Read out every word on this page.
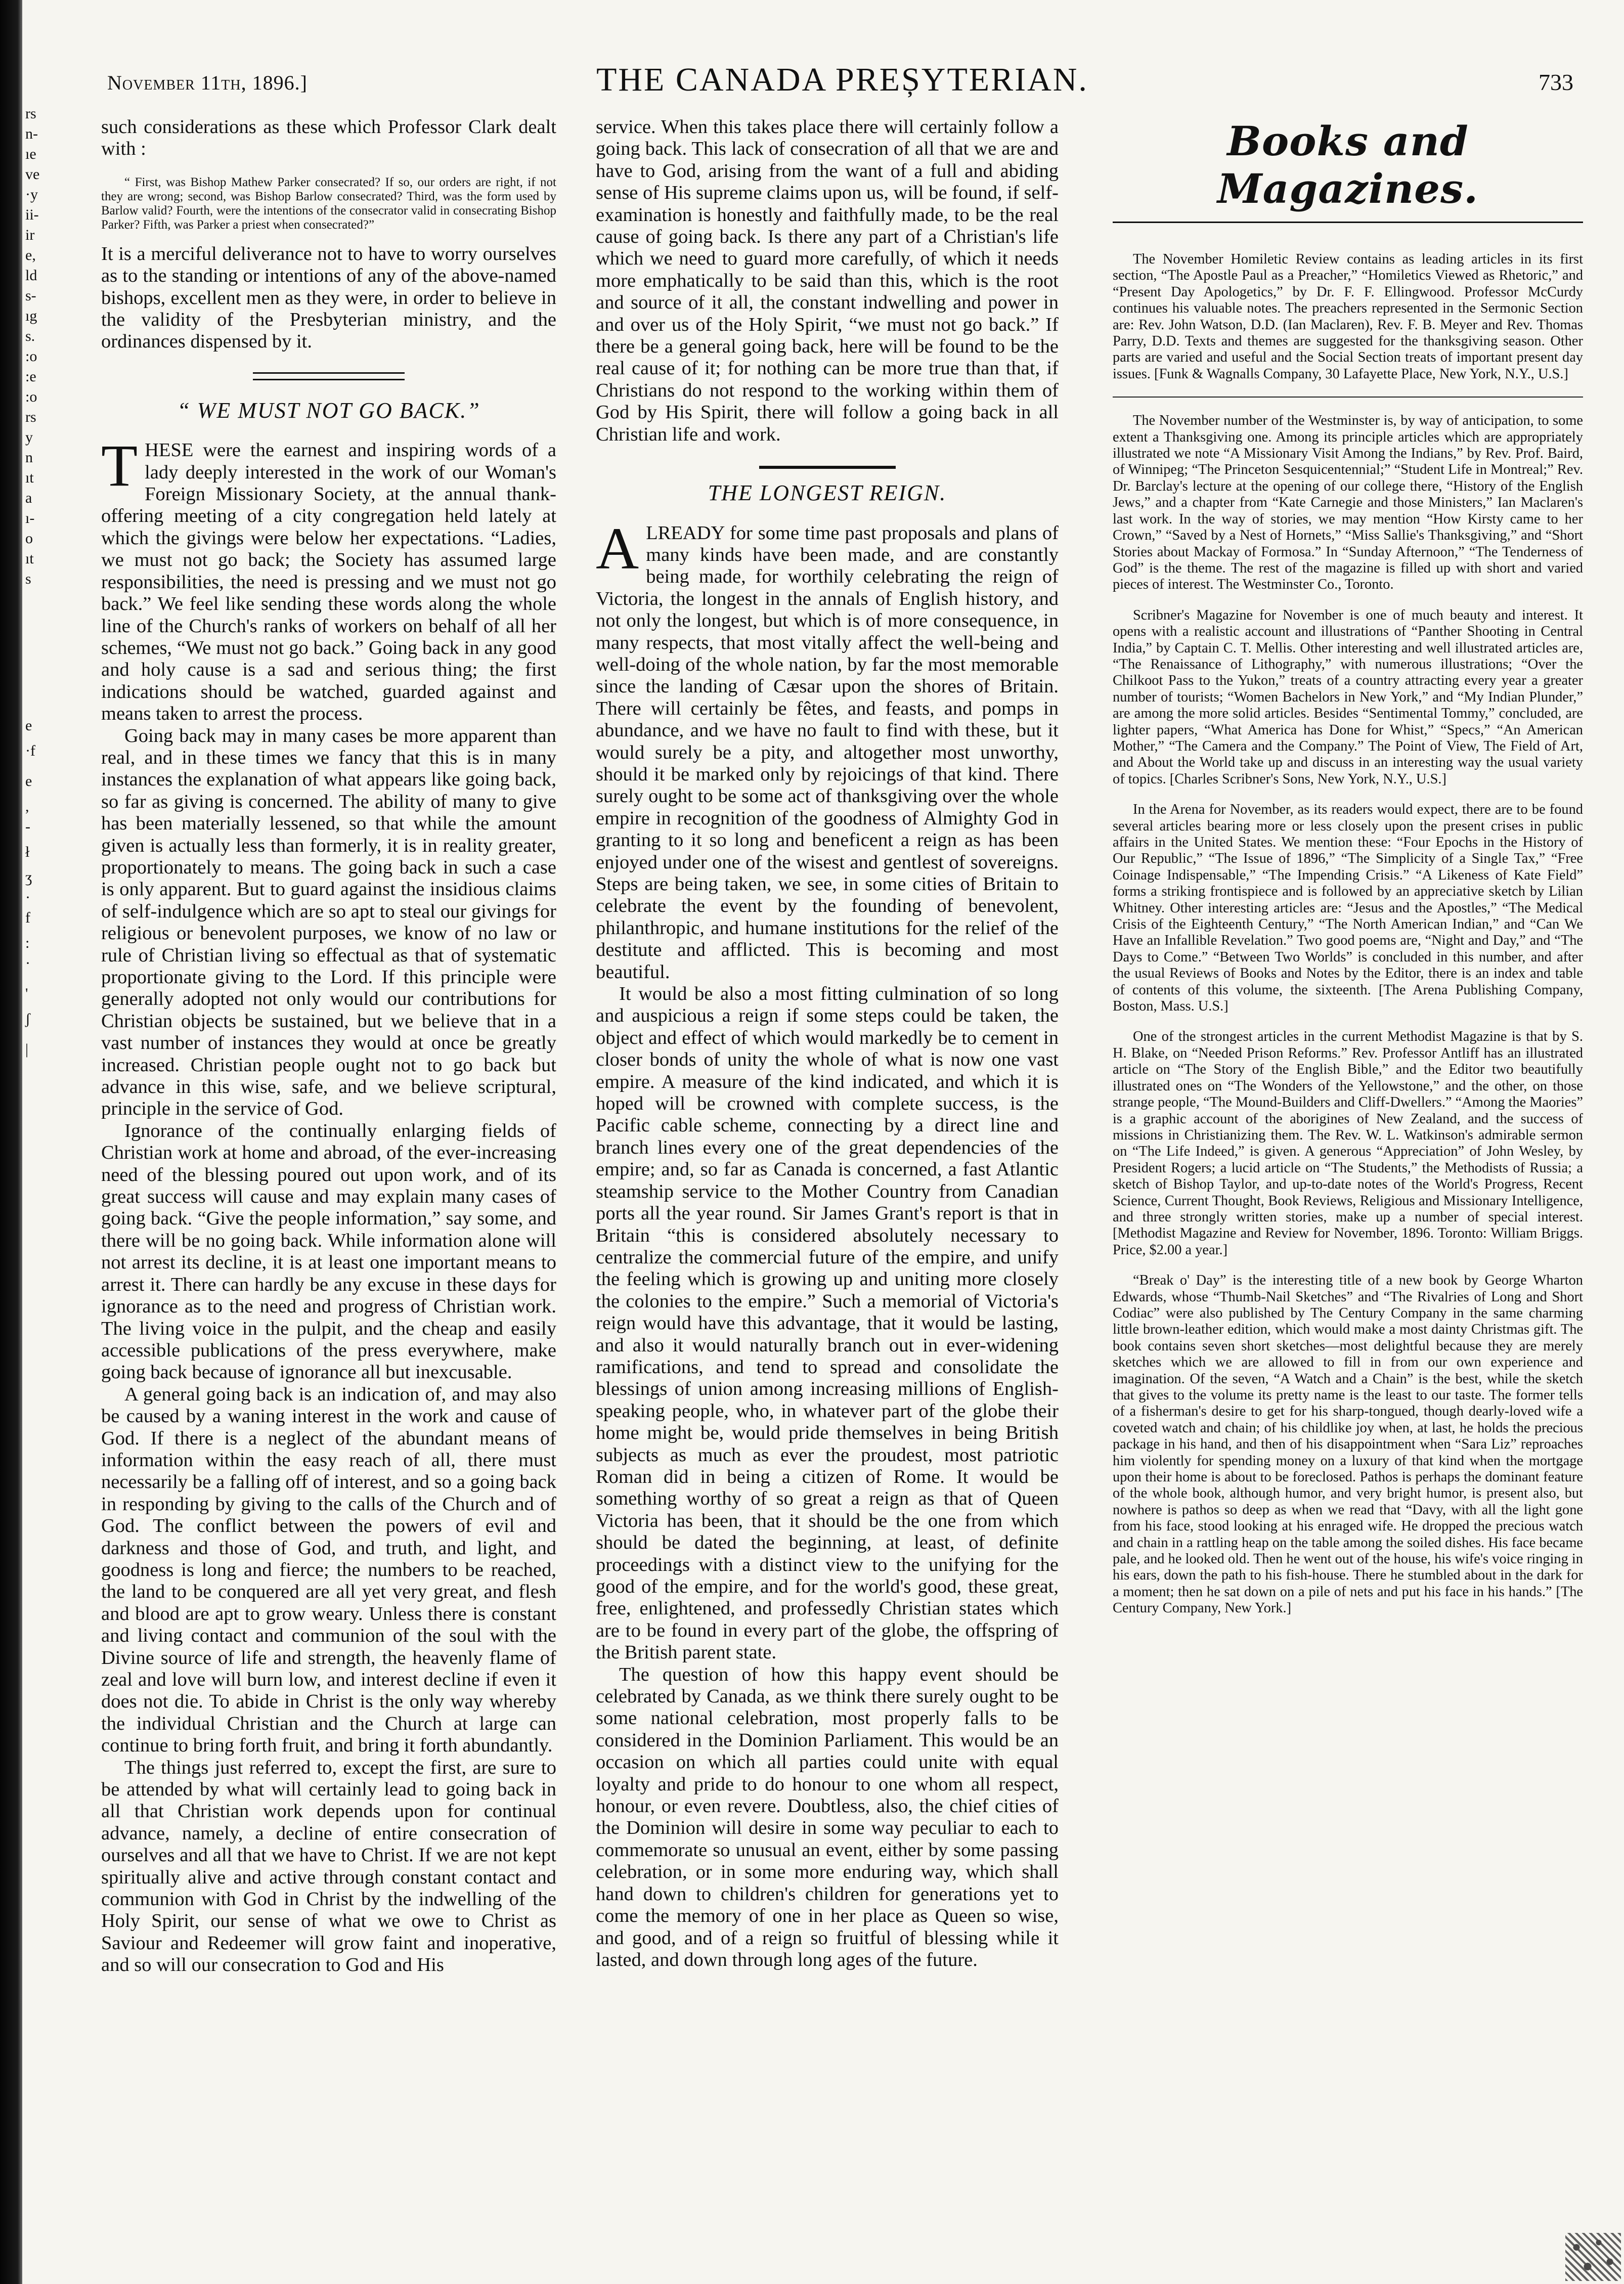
rs
n-
ıe
ve
·y
ii-
ir
e,
ld
s-
ıg
s.
:o
:e
:o
rs
y
n
ıt
a
ı-
o
ıt
s
e
·f
e
,
-
ł
ʒ
·
f
:
·
'
ʃ
|
November 11th, 1896.]	THE CANADA PREȘYTERIAN.	733

such considerations as these which Professor Clark dealt with :

“ First, was Bishop Mathew Parker consecrated? If so, our orders are right, if not they are wrong; second, was Bishop Barlow consecrated? Third, was the form used by Barlow valid? Fourth, were the intentions of the consecrator valid in consecrating Bishop Parker? Fifth, was Parker a priest when consecrated?”

It is a merciful deliverance not to have to worry ourselves as to the standing or intentions of any of the above-named bishops, excellent men as they were, in order to believe in the validity of the Presbyterian ministry, and the ordinances dispensed by it.

“ WE MUST NOT GO BACK.”

THESE were the earnest and inspiring words of a lady deeply interested in the work of our Woman's Foreign Missionary Society, at the annual thank-offering meeting of a city congregation held lately at which the givings were below her expectations. “Ladies, we must not go back; the Society has assumed large responsibilities, the need is pressing and we must not go back.” We feel like sending these words along the whole line of the Church's ranks of workers on behalf of all her schemes, “We must not go back.” Going back in any good and holy cause is a sad and serious thing; the first indications should be watched, guarded against and means taken to arrest the process.

Going back may in many cases be more apparent than real, and in these times we fancy that this is in many instances the explanation of what appears like going back, so far as giving is concerned. The ability of many to give has been materially lessened, so that while the amount given is actually less than formerly, it is in reality greater, proportionately to means. The going back in such a case is only apparent. But to guard against the insidious claims of self-indulgence which are so apt to steal our givings for religious or benevolent purposes, we know of no law or rule of Christian living so effectual as that of systematic proportionate giving to the Lord. If this principle were generally adopted not only would our contributions for Christian objects be sustained, but we believe that in a vast number of instances they would at once be greatly increased. Christian people ought not to go back but advance in this wise, safe, and we believe scriptural, principle in the service of God.

Ignorance of the continually enlarging fields of Christian work at home and abroad, of the ever-increasing need of the blessing poured out upon work, and of its great success will cause and may explain many cases of going back. “Give the people information,” say some, and there will be no going back. While information alone will not arrest its decline, it is at least one important means to arrest it. There can hardly be any excuse in these days for ignorance as to the need and progress of Christian work. The living voice in the pulpit, and the cheap and easily accessible publications of the press everywhere, make going back because of ignorance all but inexcusable.

A general going back is an indication of, and may also be caused by a waning interest in the work and cause of God. If there is a neglect of the abundant means of information within the easy reach of all, there must necessarily be a falling off of interest, and so a going back in responding by giving to the calls of the Church and of God. The conflict between the powers of evil and darkness and those of God, and truth, and light, and goodness is long and fierce; the numbers to be reached, the land to be conquered are all yet very great, and flesh and blood are apt to grow weary. Unless there is constant and living contact and communion of the soul with the Divine source of life and strength, the heavenly flame of zeal and love will burn low, and interest decline if even it does not die. To abide in Christ is the only way whereby the individual Christian and the Church at large can continue to bring forth fruit, and bring it forth abundantly.

The things just referred to, except the first, are sure to be attended by what will certainly lead to going back in all that Christian work depends upon for continual advance, namely, a decline of entire consecration of ourselves and all that we have to Christ. If we are not kept spiritually alive and active through constant contact and communion with God in Christ by the indwelling of the Holy Spirit, our sense of what we owe to Christ as Saviour and Redeemer will grow faint and inoperative, and so will our consecration to God and His

service. When this takes place there will certainly follow a going back. This lack of consecration of all that we are and have to God, arising from the want of a full and abiding sense of His supreme claims upon us, will be found, if self-examination is honestly and faithfully made, to be the real cause of going back. Is there any part of a Christian's life which we need to guard more carefully, of which it needs more emphatically to be said than this, which is the root and source of it all, the constant indwelling and power in and over us of the Holy Spirit, “we must not go back.” If there be a general going back, here will be found to be the real cause of it; for nothing can be more true than that, if Christians do not respond to the working within them of God by His Spirit, there will follow a going back in all Christian life and work.

THE LONGEST REIGN.

ALREADY for some time past proposals and plans of many kinds have been made, and are constantly being made, for worthily celebrating the reign of Victoria, the longest in the annals of English history, and not only the longest, but which is of more consequence, in many respects, that most vitally affect the well-being and well-doing of the whole nation, by far the most memorable since the landing of Cæsar upon the shores of Britain. There will certainly be fêtes, and feasts, and pomps in abundance, and we have no fault to find with these, but it would surely be a pity, and altogether most unworthy, should it be marked only by rejoicings of that kind. There surely ought to be some act of thanksgiving over the whole empire in recognition of the goodness of Almighty God in granting to it so long and beneficent a reign as has been enjoyed under one of the wisest and gentlest of sovereigns. Steps are being taken, we see, in some cities of Britain to celebrate the event by the founding of benevolent, philanthropic, and humane institutions for the relief of the destitute and afflicted. This is becoming and most beautiful.

It would be also a most fitting culmination of so long and auspicious a reign if some steps could be taken, the object and effect of which would markedly be to cement in closer bonds of unity the whole of what is now one vast empire. A measure of the kind indicated, and which it is hoped will be crowned with complete success, is the Pacific cable scheme, connecting by a direct line and branch lines every one of the great dependencies of the empire; and, so far as Canada is concerned, a fast Atlantic steamship service to the Mother Country from Canadian ports all the year round. Sir James Grant's report is that in Britain “this is considered absolutely necessary to centralize the commercial future of the empire, and unify the feeling which is growing up and uniting more closely the colonies to the empire.” Such a memorial of Victoria's reign would have this advantage, that it would be lasting, and also it would naturally branch out in ever-widening ramifications, and tend to spread and consolidate the blessings of union among increasing millions of English-speaking people, who, in whatever part of the globe their home might be, would pride themselves in being British subjects as much as ever the proudest, most patriotic Roman did in being a citizen of Rome. It would be something worthy of so great a reign as that of Queen Victoria has been, that it should be the one from which should be dated the beginning, at least, of definite proceedings with a distinct view to the unifying for the good of the empire, and for the world's good, these great, free, enlightened, and professedly Christian states which are to be found in every part of the globe, the offspring of the British parent state.

The question of how this happy event should be celebrated by Canada, as we think there surely ought to be some national celebration, most properly falls to be considered in the Dominion Parliament. This would be an occasion on which all parties could unite with equal loyalty and pride to do honour to one whom all respect, honour, or even revere. Doubtless, also, the chief cities of the Dominion will desire in some way peculiar to each to commemorate so unusual an event, either by some passing celebration, or in some more enduring way, which shall hand down to children's children for generations yet to come the memory of one in her place as Queen so wise, and good, and of a reign so fruitful of blessing while it lasted, and down through long ages of the future.

Books and Magazines.

The November Homiletic Review contains as leading articles in its first section, “The Apostle Paul as a Preacher,” “Homiletics Viewed as Rhetoric,” and “Present Day Apologetics,” by Dr. F. F. Ellingwood. Professor McCurdy continues his valuable notes. The preachers represented in the Sermonic Section are: Rev. John Watson, D.D. (Ian Maclaren), Rev. F. B. Meyer and Rev. Thomas Parry, D.D. Texts and themes are suggested for the thanksgiving season. Other parts are varied and useful and the Social Section treats of important present day issues. [Funk & Wagnalls Company, 30 Lafayette Place, New York, N.Y., U.S.]

The November number of the Westminster is, by way of anticipation, to some extent a Thanksgiving one. Among its principle articles which are appropriately illustrated we note “A Missionary Visit Among the Indians,” by Rev. Prof. Baird, of Winnipeg; “The Princeton Sesquicentennial;” “Student Life in Montreal;” Rev. Dr. Barclay's lecture at the opening of our college there, “History of the English Jews,” and a chapter from “Kate Carnegie and those Ministers,” Ian Maclaren's last work. In the way of stories, we may mention “How Kirsty came to her Crown,” “Saved by a Nest of Hornets,” “Miss Sallie's Thanksgiving,” and “Short Stories about Mackay of Formosa.” In “Sunday Afternoon,” “The Tenderness of God” is the theme. The rest of the magazine is filled up with short and varied pieces of interest. The Westminster Co., Toronto.

Scribner's Magazine for November is one of much beauty and interest. It opens with a realistic account and illustrations of “Panther Shooting in Central India,” by Captain C. T. Mellis. Other interesting and well illustrated articles are, “The Renaissance of Lithography,” with numerous illustrations; “Over the Chilkoot Pass to the Yukon,” treats of a country attracting every year a greater number of tourists; “Women Bachelors in New York,” and “My Indian Plunder,” are among the more solid articles. Besides “Sentimental Tommy,” concluded, are lighter papers, “What America has Done for Whist,” “Specs,” “An American Mother,” “The Camera and the Company.” The Point of View, The Field of Art, and About the World take up and discuss in an interesting way the usual variety of topics. [Charles Scribner's Sons, New York, N.Y., U.S.]

In the Arena for November, as its readers would expect, there are to be found several articles bearing more or less closely upon the present crises in public affairs in the United States. We mention these: “Four Epochs in the History of Our Republic,” “The Issue of 1896,” “The Simplicity of a Single Tax,” “Free Coinage Indispensable,” “The Impending Crisis.” “A Likeness of Kate Field” forms a striking frontispiece and is followed by an appreciative sketch by Lilian Whitney. Other interesting articles are: “Jesus and the Apostles,” “The Medical Crisis of the Eighteenth Century,” “The North American Indian,” and “Can We Have an Infallible Revelation.” Two good poems are, “Night and Day,” and “The Days to Come.” “Between Two Worlds” is concluded in this number, and after the usual Reviews of Books and Notes by the Editor, there is an index and table of contents of this volume, the sixteenth. [The Arena Publishing Company, Boston, Mass. U.S.]

One of the strongest articles in the current Methodist Magazine is that by S. H. Blake, on “Needed Prison Reforms.” Rev. Professor Antliff has an illustrated article on “The Story of the English Bible,” and the Editor two beautifully illustrated ones on “The Wonders of the Yellowstone,” and the other, on those strange people, “The Mound-Builders and Cliff-Dwellers.” “Among the Maories” is a graphic account of the aborigines of New Zealand, and the success of missions in Christianizing them. The Rev. W. L. Watkinson's admirable sermon on “The Life Indeed,” is given. A generous “Appreciation” of John Wesley, by President Rogers; a lucid article on “The Students,” the Methodists of Russia; a sketch of Bishop Taylor, and up-to-date notes of the World's Progress, Recent Science, Current Thought, Book Reviews, Religious and Missionary Intelligence, and three strongly written stories, make up a number of special interest. [Methodist Magazine and Review for November, 1896. Toronto: William Briggs. Price, $2.00 a year.]

“Break o' Day” is the interesting title of a new book by George Wharton Edwards, whose “Thumb-Nail Sketches” and “The Rivalries of Long and Short Codiac” were also published by The Century Company in the same charming little brown-leather edition, which would make a most dainty Christmas gift. The book contains seven short sketches—most delightful because they are merely sketches which we are allowed to fill in from our own experience and imagination. Of the seven, “A Watch and a Chain” is the best, while the sketch that gives to the volume its pretty name is the least to our taste. The former tells of a fisherman's desire to get for his sharp-tongued, though dearly-loved wife a coveted watch and chain; of his childlike joy when, at last, he holds the precious package in his hand, and then of his disappointment when “Sara Liz” reproaches him violently for spending money on a luxury of that kind when the mortgage upon their home is about to be foreclosed. Pathos is perhaps the dominant feature of the whole book, although humor, and very bright humor, is present also, but nowhere is pathos so deep as when we read that “Davy, with all the light gone from his face, stood looking at his enraged wife. He dropped the precious watch and chain in a rattling heap on the table among the soiled dishes. His face became pale, and he looked old. Then he went out of the house, his wife's voice ringing in his ears, down the path to his fish-house. There he stumbled about in the dark for a moment; then he sat down on a pile of nets and put his face in his hands.” [The Century Company, New York.]
